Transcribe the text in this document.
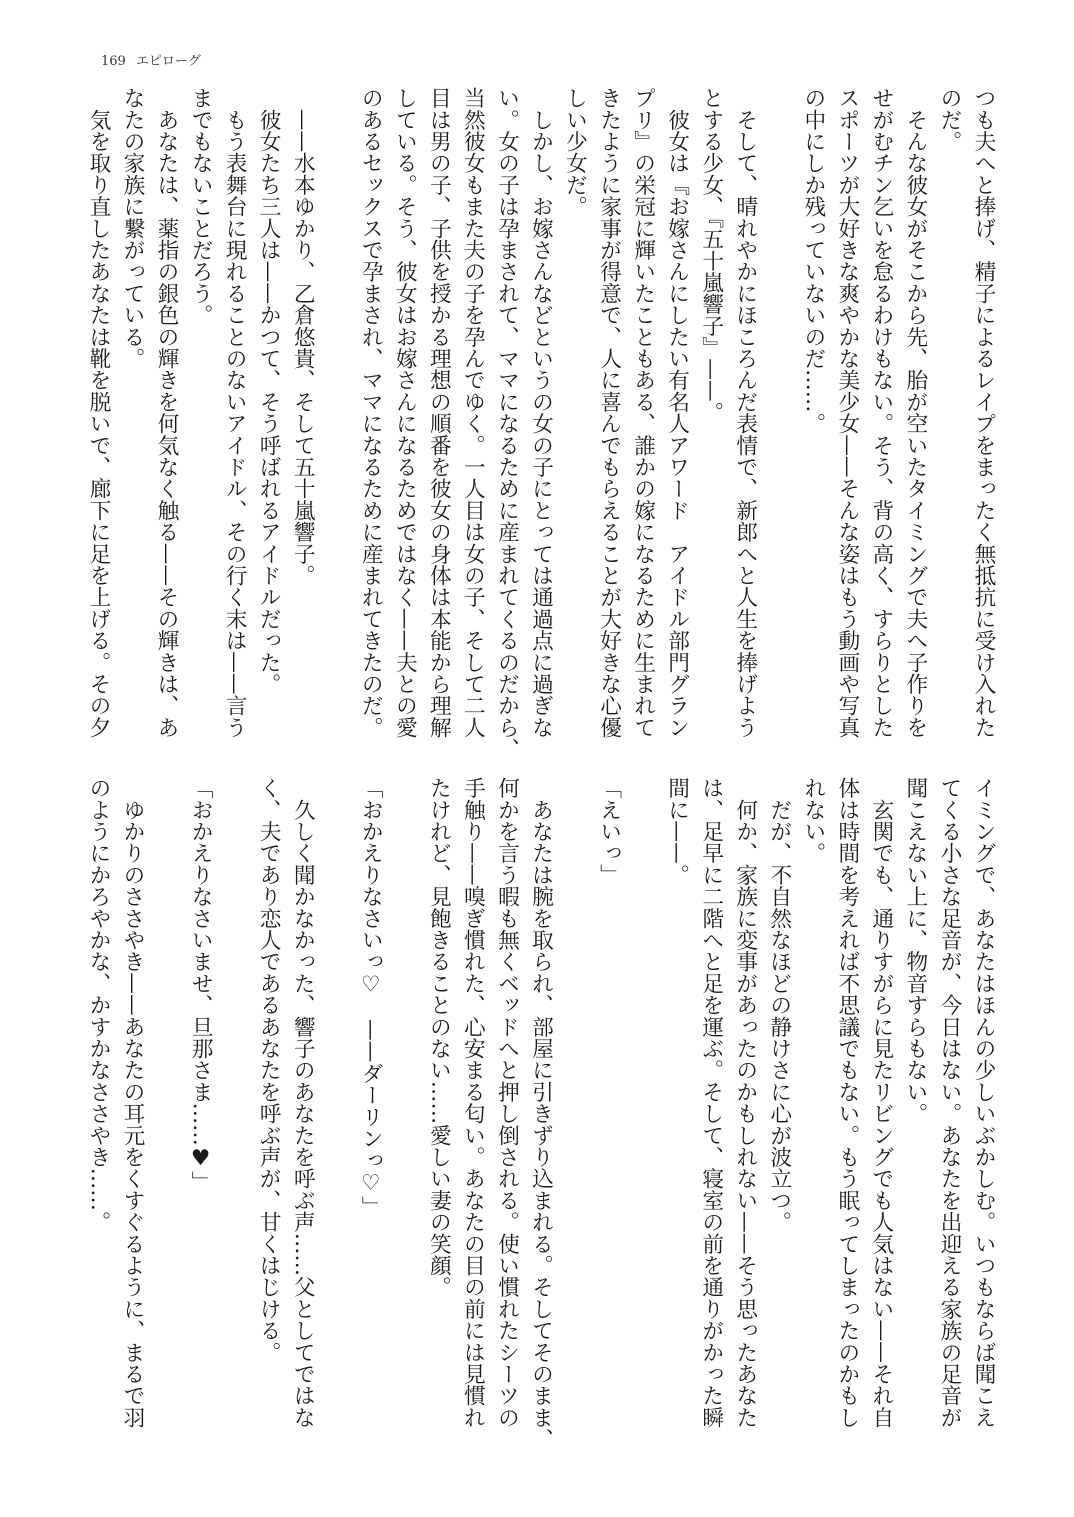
169 エピローグ
つも夫へと捧げ、精子によるレイプをまったく無抵抗に受け入れた
のだ。
　そんな彼女がそこから先、胎が空いたタイミングで夫へ子作りを
せがむチン乞いを怠るわけもない。そう、背の高く、すらりとした
スポーツが大好きな爽やかな美少女——そんな姿はもう動画や写真
の中にしか残っていないのだ……。
　そして、晴れやかにほころんだ表情で、新郎へと人生を捧げよう
とする少女、『五十嵐響子』——。
　彼女は『お嫁さんにしたい有名人アワード　アイドル部門グラン
プリ』の栄冠に輝いたこともある、誰かの嫁になるために生まれて
きたように家事が得意で、人に喜んでもらえることが大好きな心優
しい少女だ。
　しかし、お嫁さんなどというの女の子にとっては通過点に過ぎな
い。女の子は孕まされて、ママになるために産まれてくるのだから、
当然彼女もまた夫の子を孕んでゆく。一人目は女の子、そして二人
目は男の子、子供を授かる理想の順番を彼女の身体は本能から理解
している。そう、彼女はお嫁さんになるためではなく——夫との愛
のあるセックスで孕まされ、ママになるために産まれてきたのだ。
　——水本ゆかり、乙倉悠貴、そして五十嵐響子。
　彼女たち三人は——かつて、そう呼ばれるアイドルだった。
　もう表舞台に現れることのないアイドル、その行く末は——言う
までもないことだろう。
　あなたは、薬指の銀色の輝きを何気なく触る——その輝きは、あ
なたの家族に繋がっている。
　気を取り直したあなたは靴を脱いで、廊下に足を上げる。その夕
イミングで、あなたはほんの少しいぶかしむ。いつもならば聞こえ
てくる小さな足音が、今日はない。あなたを出迎える家族の足音が
聞こえない上に、物音すらもない。
　玄関でも、通りすがらに見たリビングでも人気はない——それ自
体は時間を考えれば不思議でもない。もう眠ってしまったのかもし
れない。
　だが、不自然なほどの静けさに心が波立つ。
　何か、家族に変事があったのかもしれない——そう思ったあなた
は、足早に二階へと足を運ぶ。そして、寝室の前を通りがかった瞬
間に——。
「えいっ」
　あなたは腕を取られ、部屋に引きずり込まれる。そしてそのまま、
何かを言う暇も無くベッドへと押し倒される。使い慣れたシーツの
手触り——嗅ぎ慣れた、心安まる匂い。あなたの目の前には見慣れ
たけれど、見飽きることのない……愛しい妻の笑顔。
「おかえりなさいっ♡　——ダーリンっ♡」
　久しく聞かなかった、響子のあなたを呼ぶ声……父としてではな
く、夫であり恋人であるあなたを呼ぶ声が、甘くはじける。
「おかえりなさいませ、旦那さま……♥」
　ゆかりのささやき——あなたの耳元をくすぐるように、まるで羽
のようにかろやかな、かすかなささやき……。
